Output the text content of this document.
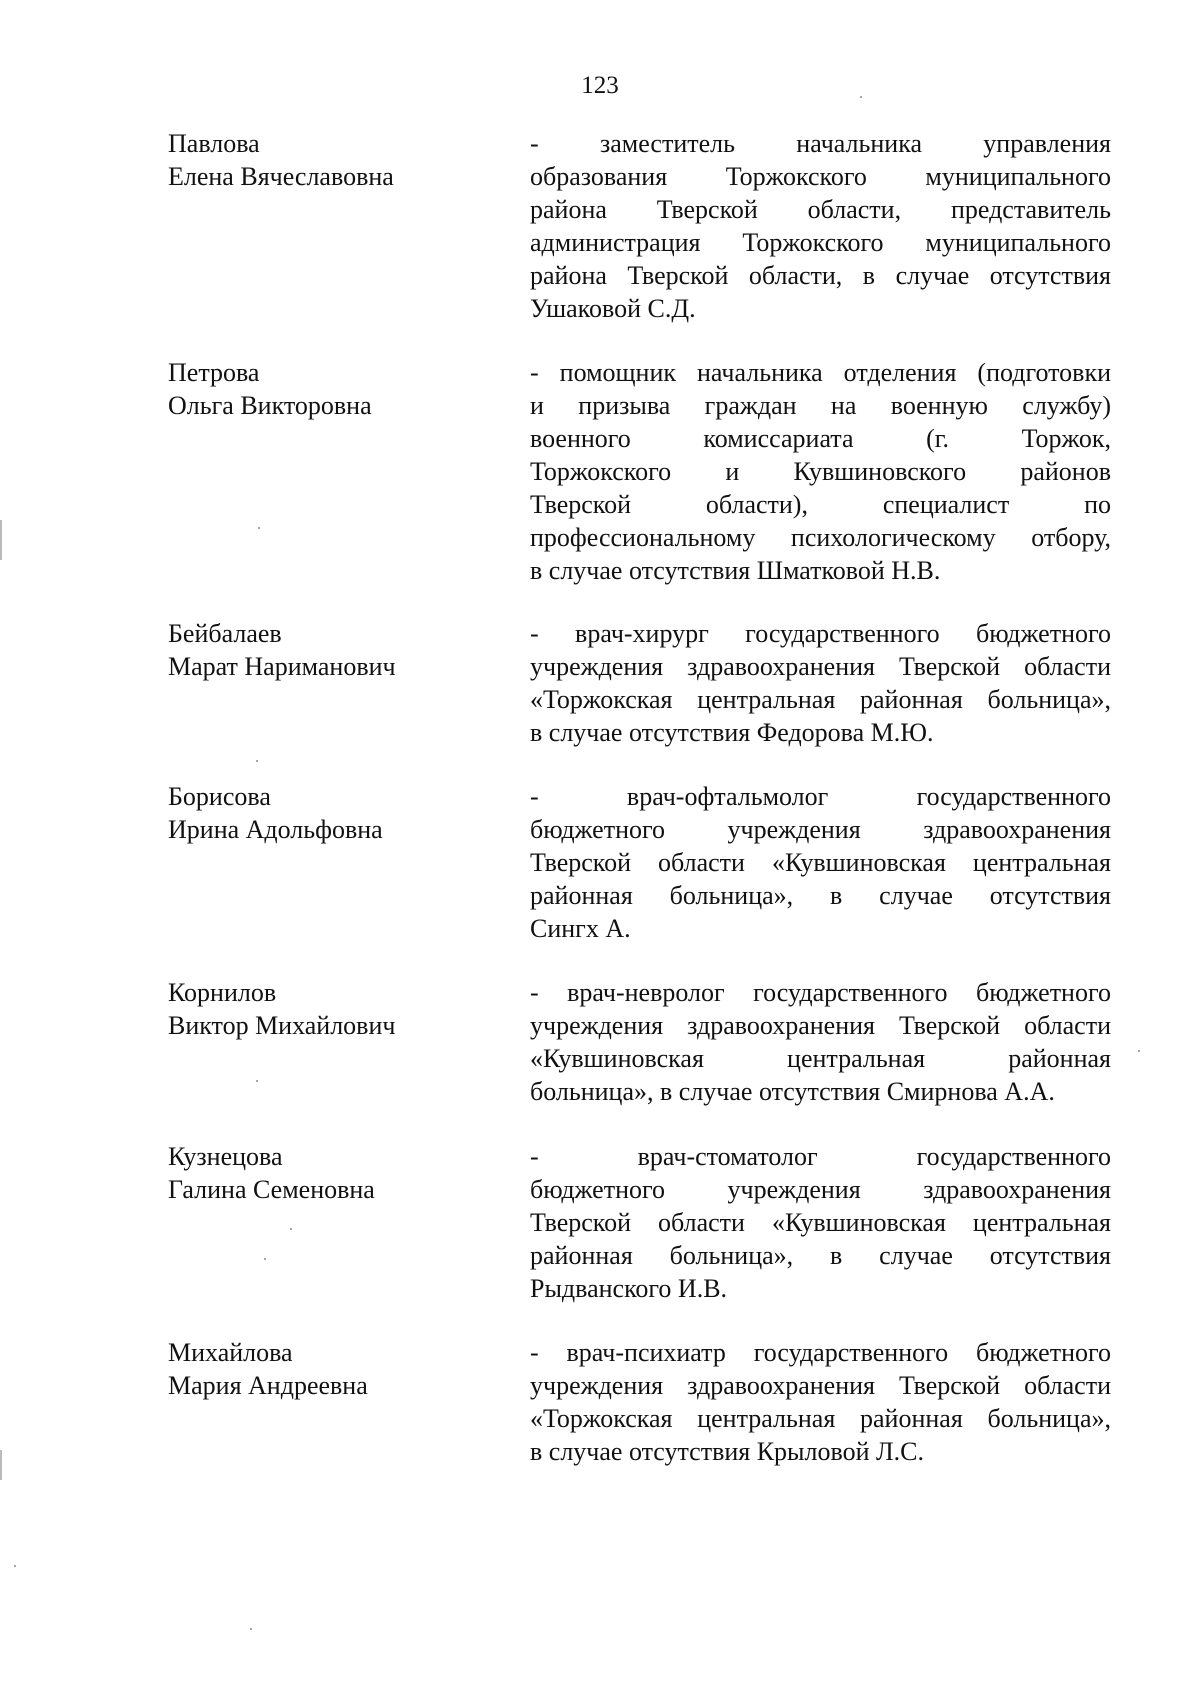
123
Павлова
Елена Вячеславовна
- заместитель начальника управления
образования Торжокского муниципального
района Тверской области, представитель
администрация Торжокского муниципального
района Тверской области, в случае отсутствия
Ушаковой С.Д.
Петрова
Ольга Викторовна
- помощник начальника отделения (подготовки
и призыва граждан на военную службу)
военного комиссариата (г. Торжок,
Торжокского и Кувшиновского районов
Тверской области), специалист по
профессиональному психологическому отбору,
в случае отсутствия Шматковой Н.В.
Бейбалаев
Марат Нариманович
- врач-хирург государственного бюджетного
учреждения здравоохранения Тверской области
«Торжокская центральная районная больница»,
в случае отсутствия Федорова М.Ю.
Борисова
Ирина Адольфовна
- врач-офтальмолог государственного
бюджетного учреждения здравоохранения
Тверской области «Кувшиновская центральная
районная больница», в случае отсутствия
Сингх А.
Корнилов
Виктор Михайлович
- врач-невролог государственного бюджетного
учреждения здравоохранения Тверской области
«Кувшиновская центральная районная
больница», в случае отсутствия Смирнова А.А.
Кузнецова
Галина Семеновна
- врач-стоматолог государственного
бюджетного учреждения здравоохранения
Тверской области «Кувшиновская центральная
районная больница», в случае отсутствия
Рыдванского И.В.
Михайлова
Мария Андреевна
- врач-психиатр государственного бюджетного
учреждения здравоохранения Тверской области
«Торжокская центральная районная больница»,
в случае отсутствия Крыловой Л.С.
